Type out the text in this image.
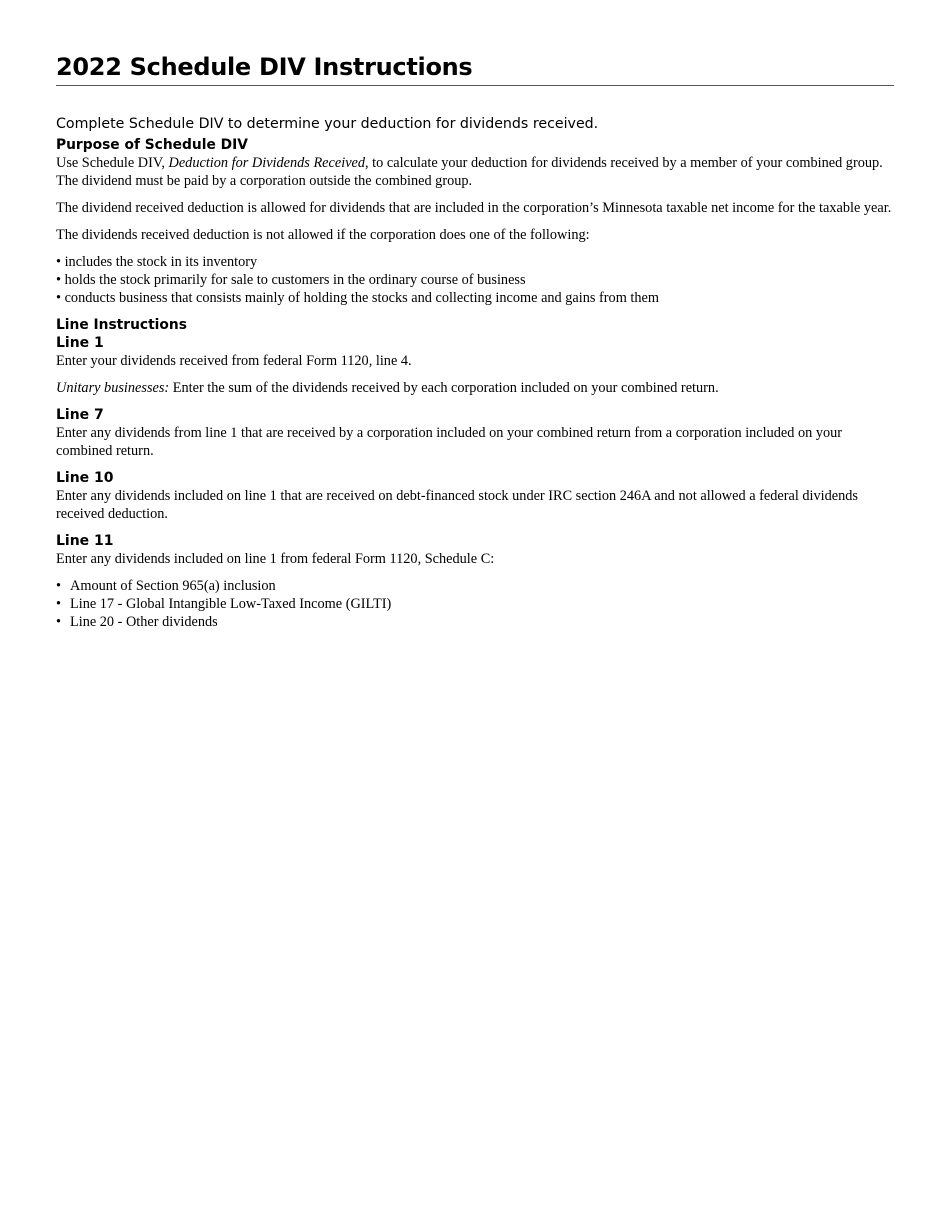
2022 Schedule DIV Instructions

Complete Schedule DIV to determine your deduction for dividends received.

Purpose of Schedule DIV

Use Schedule DIV, Deduction for Dividends Received, to calculate your deduction for dividends received by a member of your combined group. The dividend must be paid by a corporation outside the combined group.

The dividend received deduction is allowed for dividends that are included in the corporation’s Minnesota taxable net income for the taxable year.

The dividends received deduction is not allowed if the corporation does one of the following:

• includes the stock in its inventory
• holds the stock primarily for sale to customers in the ordinary course of business
• conducts business that consists mainly of holding the stocks and collecting income and gains from them
Line Instructions
Line 1

Enter your dividends received from federal Form 1120, line 4.

Unitary businesses: Enter the sum of the dividends received by each corporation included on your combined return.

Line 7

Enter any dividends from line 1 that are received by a corporation included on your combined return from a corporation included on your combined return.

Line 10

Enter any dividends included on line 1 that are received on debt-financed stock under IRC section 246A and not allowed a federal dividends received deduction.

Line 11

Enter any dividends included on line 1 from federal Form 1120, Schedule C:

• Amount of Section 965(a) inclusion
• Line 17 - Global Intangible Low-Taxed Income (GILTI)
• Line 20 - Other dividends
